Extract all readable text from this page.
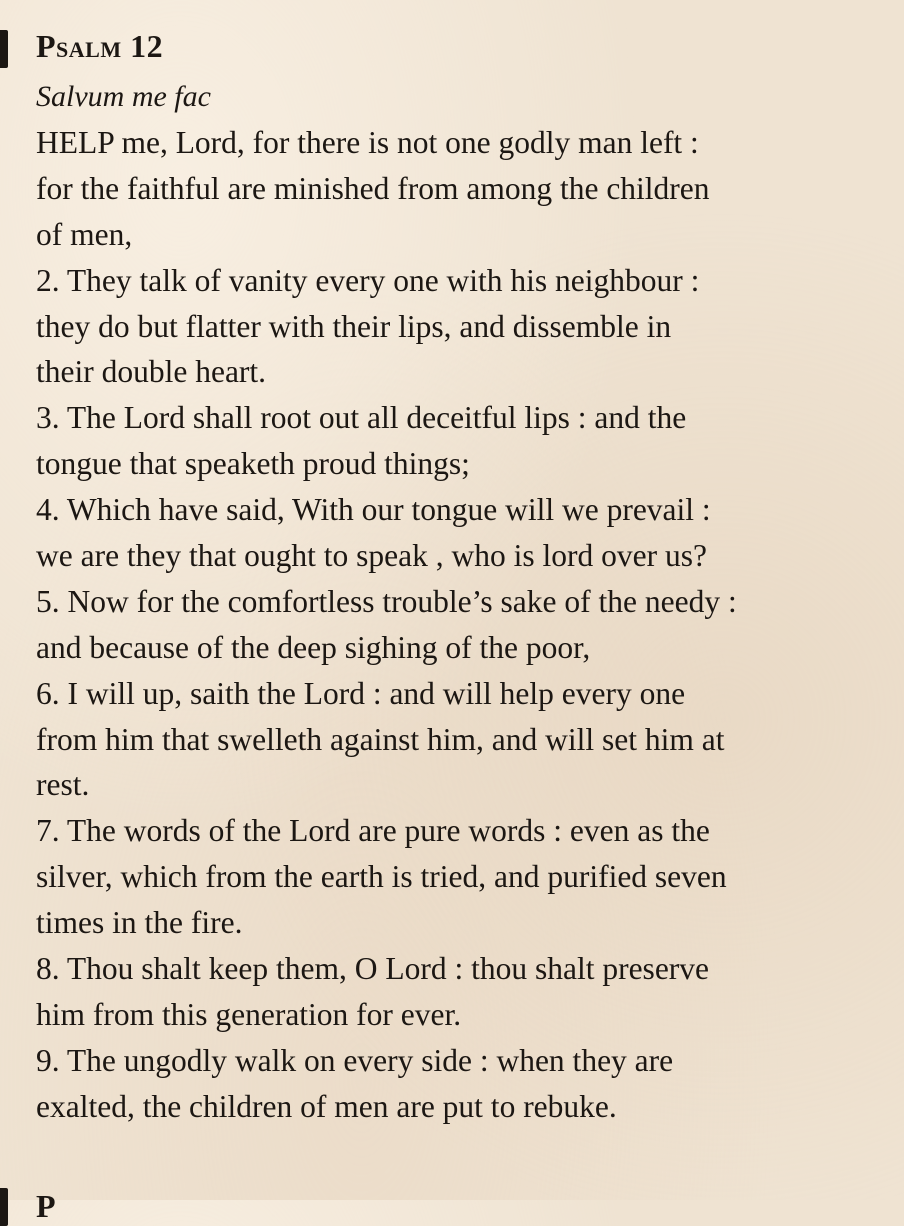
Psalm 12
Salvum me fac
HELP me, Lord, for there is not one godly man left :
for the faithful are minished from among the children
of men,
2. They talk of vanity every one with his neighbour :
they do but flatter with their lips, and dissemble in
their double heart.
3. The Lord shall root out all deceitful lips : and the
tongue that speaketh proud things;
4. Which have said, With our tongue will we prevail :
we are they that ought to speak , who is lord over us?
5. Now for the comfortless trouble’s sake of the needy :
and because of the deep sighing of the poor,
6. I will up, saith the Lord : and will help every one
from him that swelleth against him, and will set him at
rest.
7. The words of the Lord are pure words : even as the
silver, which from the earth is tried, and purified seven
times in the fire.
8. Thou shalt keep them, O Lord : thou shalt preserve
him from this generation for ever.
9. The ungodly walk on every side : when they are
exalted, the children of men are put to rebuke.
P
